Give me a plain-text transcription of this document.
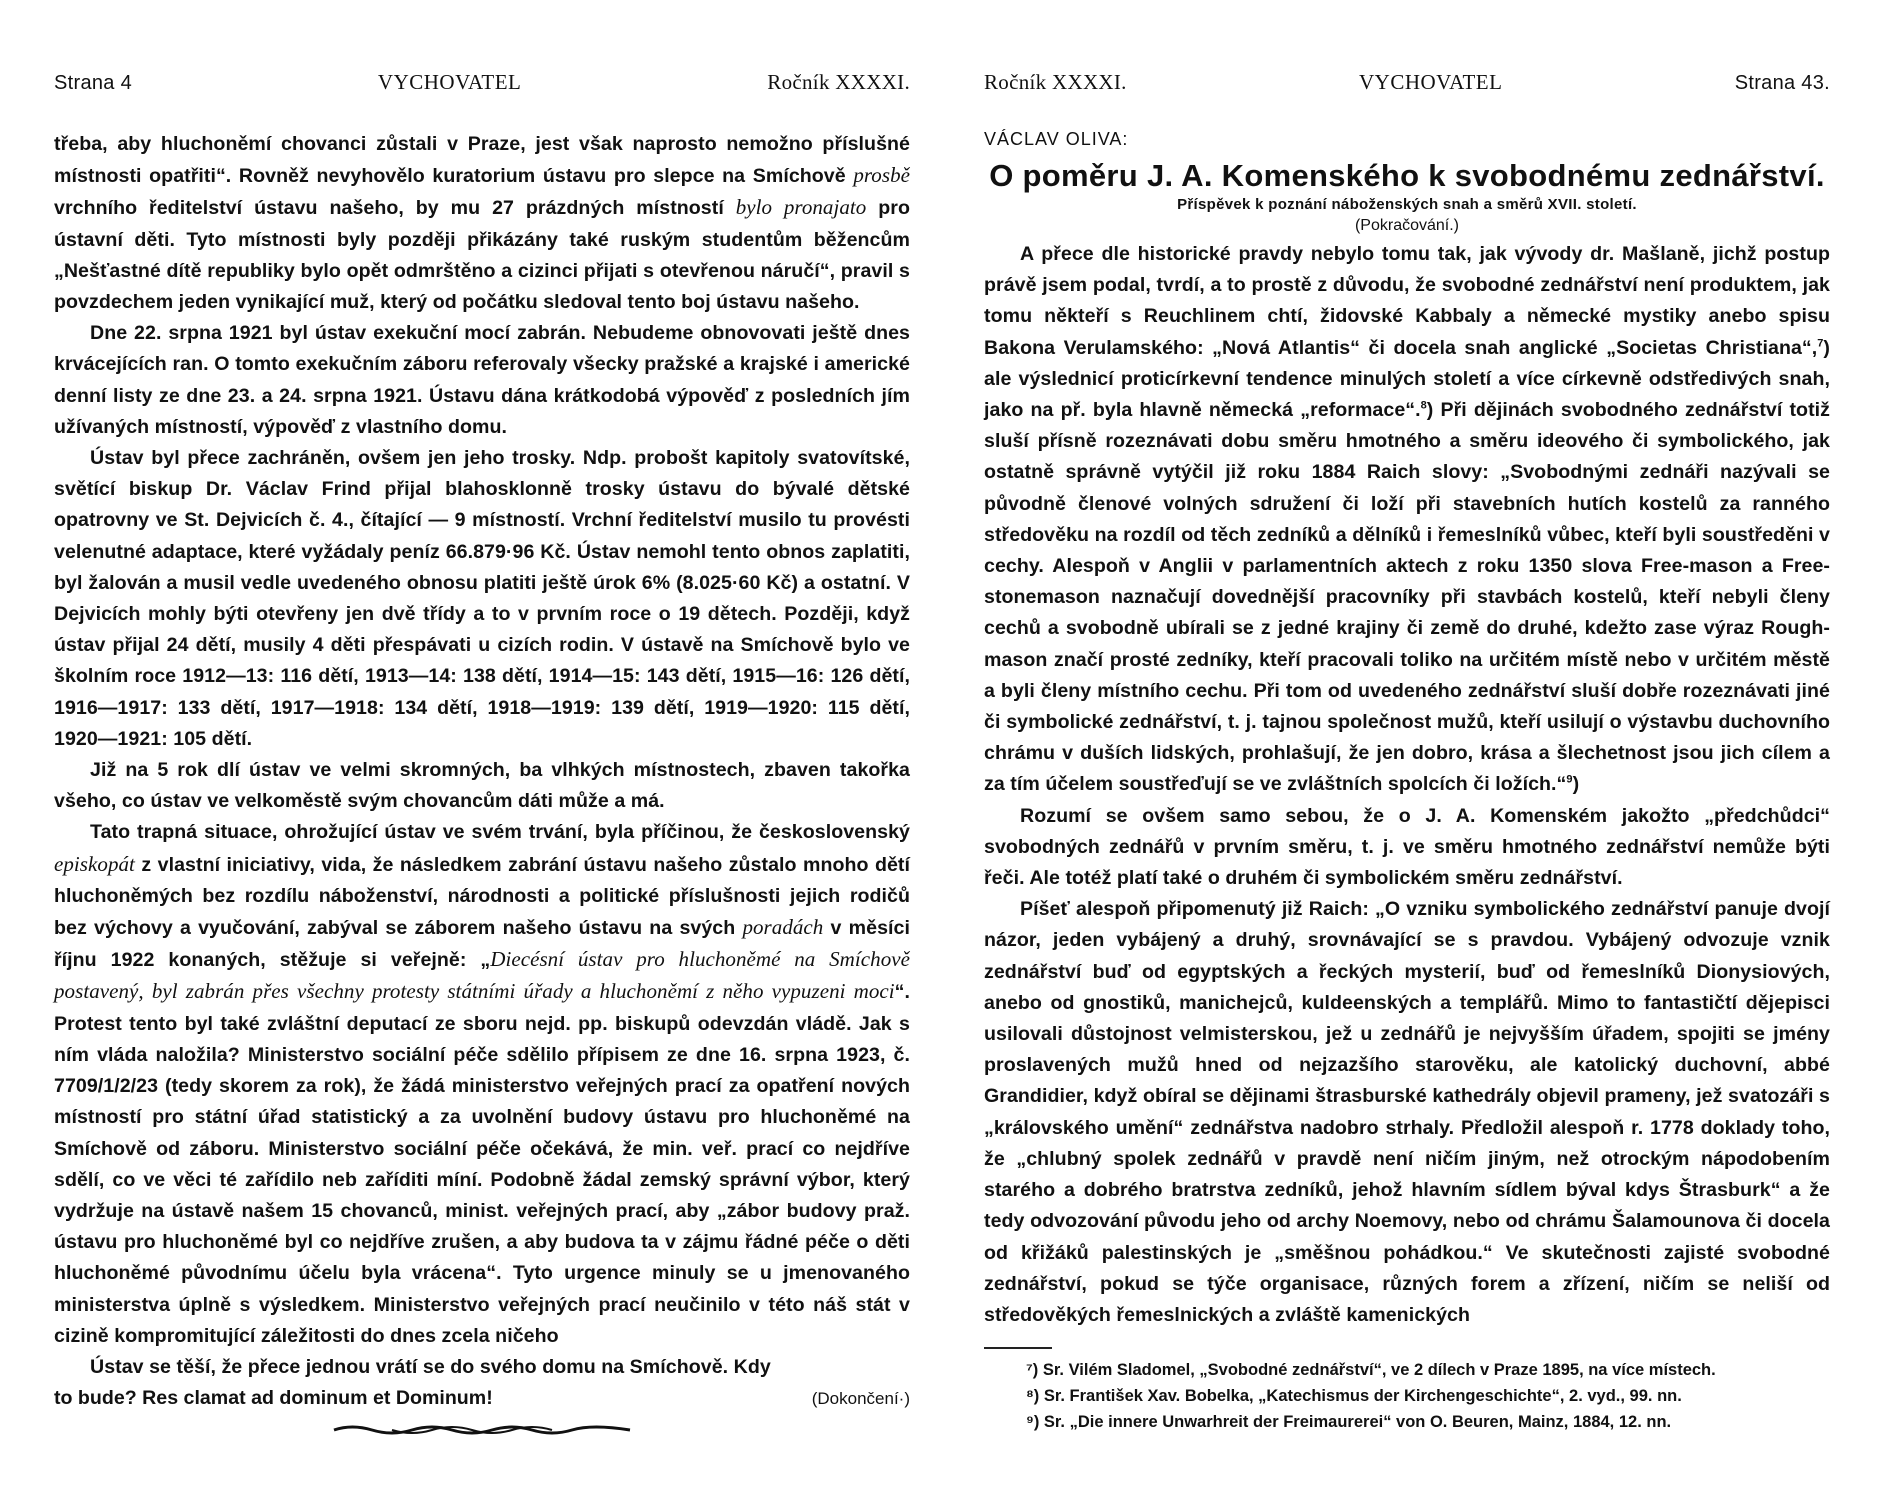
Strana 4	VYCHOVATEL	Ročník XXXXI.

třeba, aby hluchoněmí chovanci zůstali v Praze, jest však naprosto nemožno příslušné místnosti opatřiti“. Rovněž nevyhovělo kuratorium ústavu pro slepce na Smíchově prosbě vrchního ředitelství ústavu našeho, by mu 27 prázdných místností bylo pronajato pro ústavní děti. Tyto místnosti byly později přikázány také ruským studentům běžencům „Nešťastné dítě republiky bylo opět odmrštěno a cizinci přijati s otevřenou náručí“, pravil s povzdechem jeden vynikající muž, který od počátku sledoval tento boj ústavu našeho.

Dne 22. srpna 1921 byl ústav exekuční mocí zabrán. Nebudeme obnovovati ještě dnes krvácejících ran. O tomto exekučním záboru referovaly všecky pražské a krajské i americké denní listy ze dne 23. a 24. srpna 1921. Ústavu dána krátkodobá výpověď z posledních jím užívaných místností, výpověď z vlastního domu.

Ústav byl přece zachráněn, ovšem jen jeho trosky. Ndp. probošt kapitoly svatovítské, světící biskup Dr. Václav Frind přijal blahosklonně trosky ústavu do bývalé dětské opatrovny ve St. Dejvicích č. 4., čítající — 9 místností. Vrchní ředitelství musilo tu provésti velenutné adaptace, které vyžádaly peníz 66.879·96 Kč. Ústav nemohl tento obnos zaplatiti, byl žalován a musil vedle uvedeného obnosu platiti ještě úrok 6% (8.025·60 Kč) a ostatní. V Dejvicích mohly býti otevřeny jen dvě třídy a to v prvním roce o 19 dětech. Později, když ústav přijal 24 dětí, musily 4 děti přespávati u cizích rodin. V ústavě na Smíchově bylo ve školním roce 1912—13: 116 dětí, 1913—14: 138 dětí, 1914—15: 143 dětí, 1915—16: 126 dětí, 1916—1917: 133 dětí, 1917—1918: 134 dětí, 1918—1919: 139 dětí, 1919—1920: 115 dětí, 1920—1921: 105 dětí.

Již na 5 rok dlí ústav ve velmi skromných, ba vlhkých místnostech, zbaven takořka všeho, co ústav ve velkoměstě svým chovancům dáti může a má.

Tato trapná situace, ohrožující ústav ve svém trvání, byla příčinou, že československý episkopát z vlastní iniciativy, vida, že následkem zabrání ústavu našeho zůstalo mnoho dětí hluchoněmých bez rozdílu náboženství, národnosti a politické příslušnosti jejich rodičů bez výchovy a vyučování, zabýval se záborem našeho ústavu na svých poradách v měsíci říjnu 1922 konaných, stěžuje si veřejně: „Diecésní ústav pro hluchoněmé na Smíchově postavený, byl zabrán přes všechny protesty státními úřady a hluchoněmí z něho vypuzeni moci“. Protest tento byl také zvláštní deputací ze sboru nejd. pp. biskupů odevzdán vládě. Jak s ním vláda naložila? Ministerstvo sociální péče sdělilo přípisem ze dne 16. srpna 1923, č. 7709/1/2/23 (tedy skorem za rok), že žádá ministerstvo veřejných prací za opatření nových místností pro státní úřad statistický a za uvolnění budovy ústavu pro hluchoněmé na Smíchově od záboru. Ministerstvo sociální péče očekává, že min. veř. prací co nejdříve sdělí, co ve věci té zařídilo neb zaříditi míní. Podobně žádal zemský správní výbor, který vydržuje na ústavě našem 15 chovanců, minist. veřejných prací, aby „zábor budovy praž. ústavu pro hluchoněmé byl co nejdříve zrušen, a aby budova ta v zájmu řádné péče o děti hluchoněmé původnímu účelu byla vrácena“. Tyto urgence minuly se u jmenovaného ministerstva úplně s výsledkem. Ministerstvo veřejných prací neučinilo v této náš stát v cizině kompromitující záležitosti do dnes zcela ničeho

Ústav se těší, že přece jednou vrátí se do svého domu na Smíchově. Kdy

to bude? Res clamat ad dominum et Dominum!	(Dokončení·)
Ročník XXXXI.	VYCHOVATEL	Strana 43.
VÁCLAV OLIVA:
O poměru J. A. Komenského k svobodnému zednářství.
Příspěvek k poznání náboženských snah a směrů XVII. století.
(Pokračování.)

A přece dle historické pravdy nebylo tomu tak, jak vývody dr. Mašlaně, jichž postup právě jsem podal, tvrdí, a to prostě z důvodu, že svobodné zednářství není produktem, jak tomu někteří s Reuchlinem chtí, židovské Kabbaly a německé mystiky anebo spisu Bakona Verulamského: „Nová Atlantis“ či docela snah anglické „Societas Christiana“,$^7$) ale výslednicí proticírkevní tendence minulých století a více církevně odstředivých snah, jako na př. byla hlavně německá „reformace“.$^8$) Při dějinách svobodného zednářství totiž sluší přísně rozeznávati dobu směru hmotného a směru ideového či symbolického, jak ostatně správně vytýčil již roku 1884 Raich slovy: „Svobodnými zednáři nazývali se původně členové volných sdružení či loží při stavebních hutích kostelů za ranného středověku na rozdíl od těch zedníků a dělníků i řemeslníků vůbec, kteří byli soustředěni v cechy. Alespoň v Anglii v parlamentních aktech z roku 1350 slova Free-mason a Free-stonemason naznačují dovednější pracovníky při stavbách kostelů, kteří nebyli členy cechů a svobodně ubírali se z jedné krajiny či země do druhé, kdežto zase výraz Rough-mason značí prosté zedníky, kteří pracovali toliko na určitém místě nebo v určitém městě a byli členy místního cechu. Při tom od uvedeného zednářství sluší dobře rozeznávati jiné či symbolické zednářství, t. j. tajnou společnost mužů, kteří usilují o výstavbu duchovního chrámu v duších lidských, prohlašují, že jen dobro, krása a šlechetnost jsou jich cílem a za tím účelem soustřeďují se ve zvláštních spolcích či ložích.“$^9$)

Rozumí se ovšem samo sebou, že o J. A. Komenském jakožto „předchůdci“ svobodných zednářů v prvním směru, t. j. ve směru hmotného zednářství nemůže býti řeči. Ale totéž platí také o druhém či symbolickém směru zednářství.

Píšeť alespoň připomenutý již Raich: „O vzniku symbolického zednářství panuje dvojí názor, jeden vybájený a druhý, srovnávající se s pravdou. Vybájený odvozuje vznik zednářství buď od egyptských a řeckých mysterií, buď od řemeslníků Dionysiových, anebo od gnostiků, manichejců, kuldeenských a templářů. Mimo to fantastičtí dějepisci usilovali důstojnost velmisterskou, jež u zednářů je nejvyšším úřadem, spojiti se jmény proslavených mužů hned od nejzazšího starověku, ale katolický duchovní, abbé Grandidier, když obíral se dějinami štrasburské kathedrály objevil prameny, jež svatozáři s „královského umění“ zednářstva nadobro strhaly. Předložil alespoň r. 1778 doklady toho, že „chlubný spolek zednářů v pravdě není ničím jiným, než otrockým nápodobením starého a dobrého bratrstva zedníků, jehož hlavním sídlem býval kdys Štrasburk“ a že tedy odvozování původu jeho od archy Noemovy, nebo od chrámu Šalamounova či docela od křižáků palestinských je „směšnou pohádkou.“ Ve skutečnosti zajisté svobodné zednářství, pokud se týče organisace, různých forem a zřízení, ničím se neliší od středověkých řemeslnických a zvláště kamenických

⁷) Sr. Vilém Sladomel, „Svobodné zednářství“, ve 2 dílech v Praze 1895, na více místech.
⁸) Sr. František Xav. Bobelka, „Katechismus der Kirchengeschichte“, 2. vyd., 99. nn.
⁹) Sr. „Die innere Unwarhreit der Freimaurerei“ von O. Beuren, Mainz, 1884, 12. nn.
